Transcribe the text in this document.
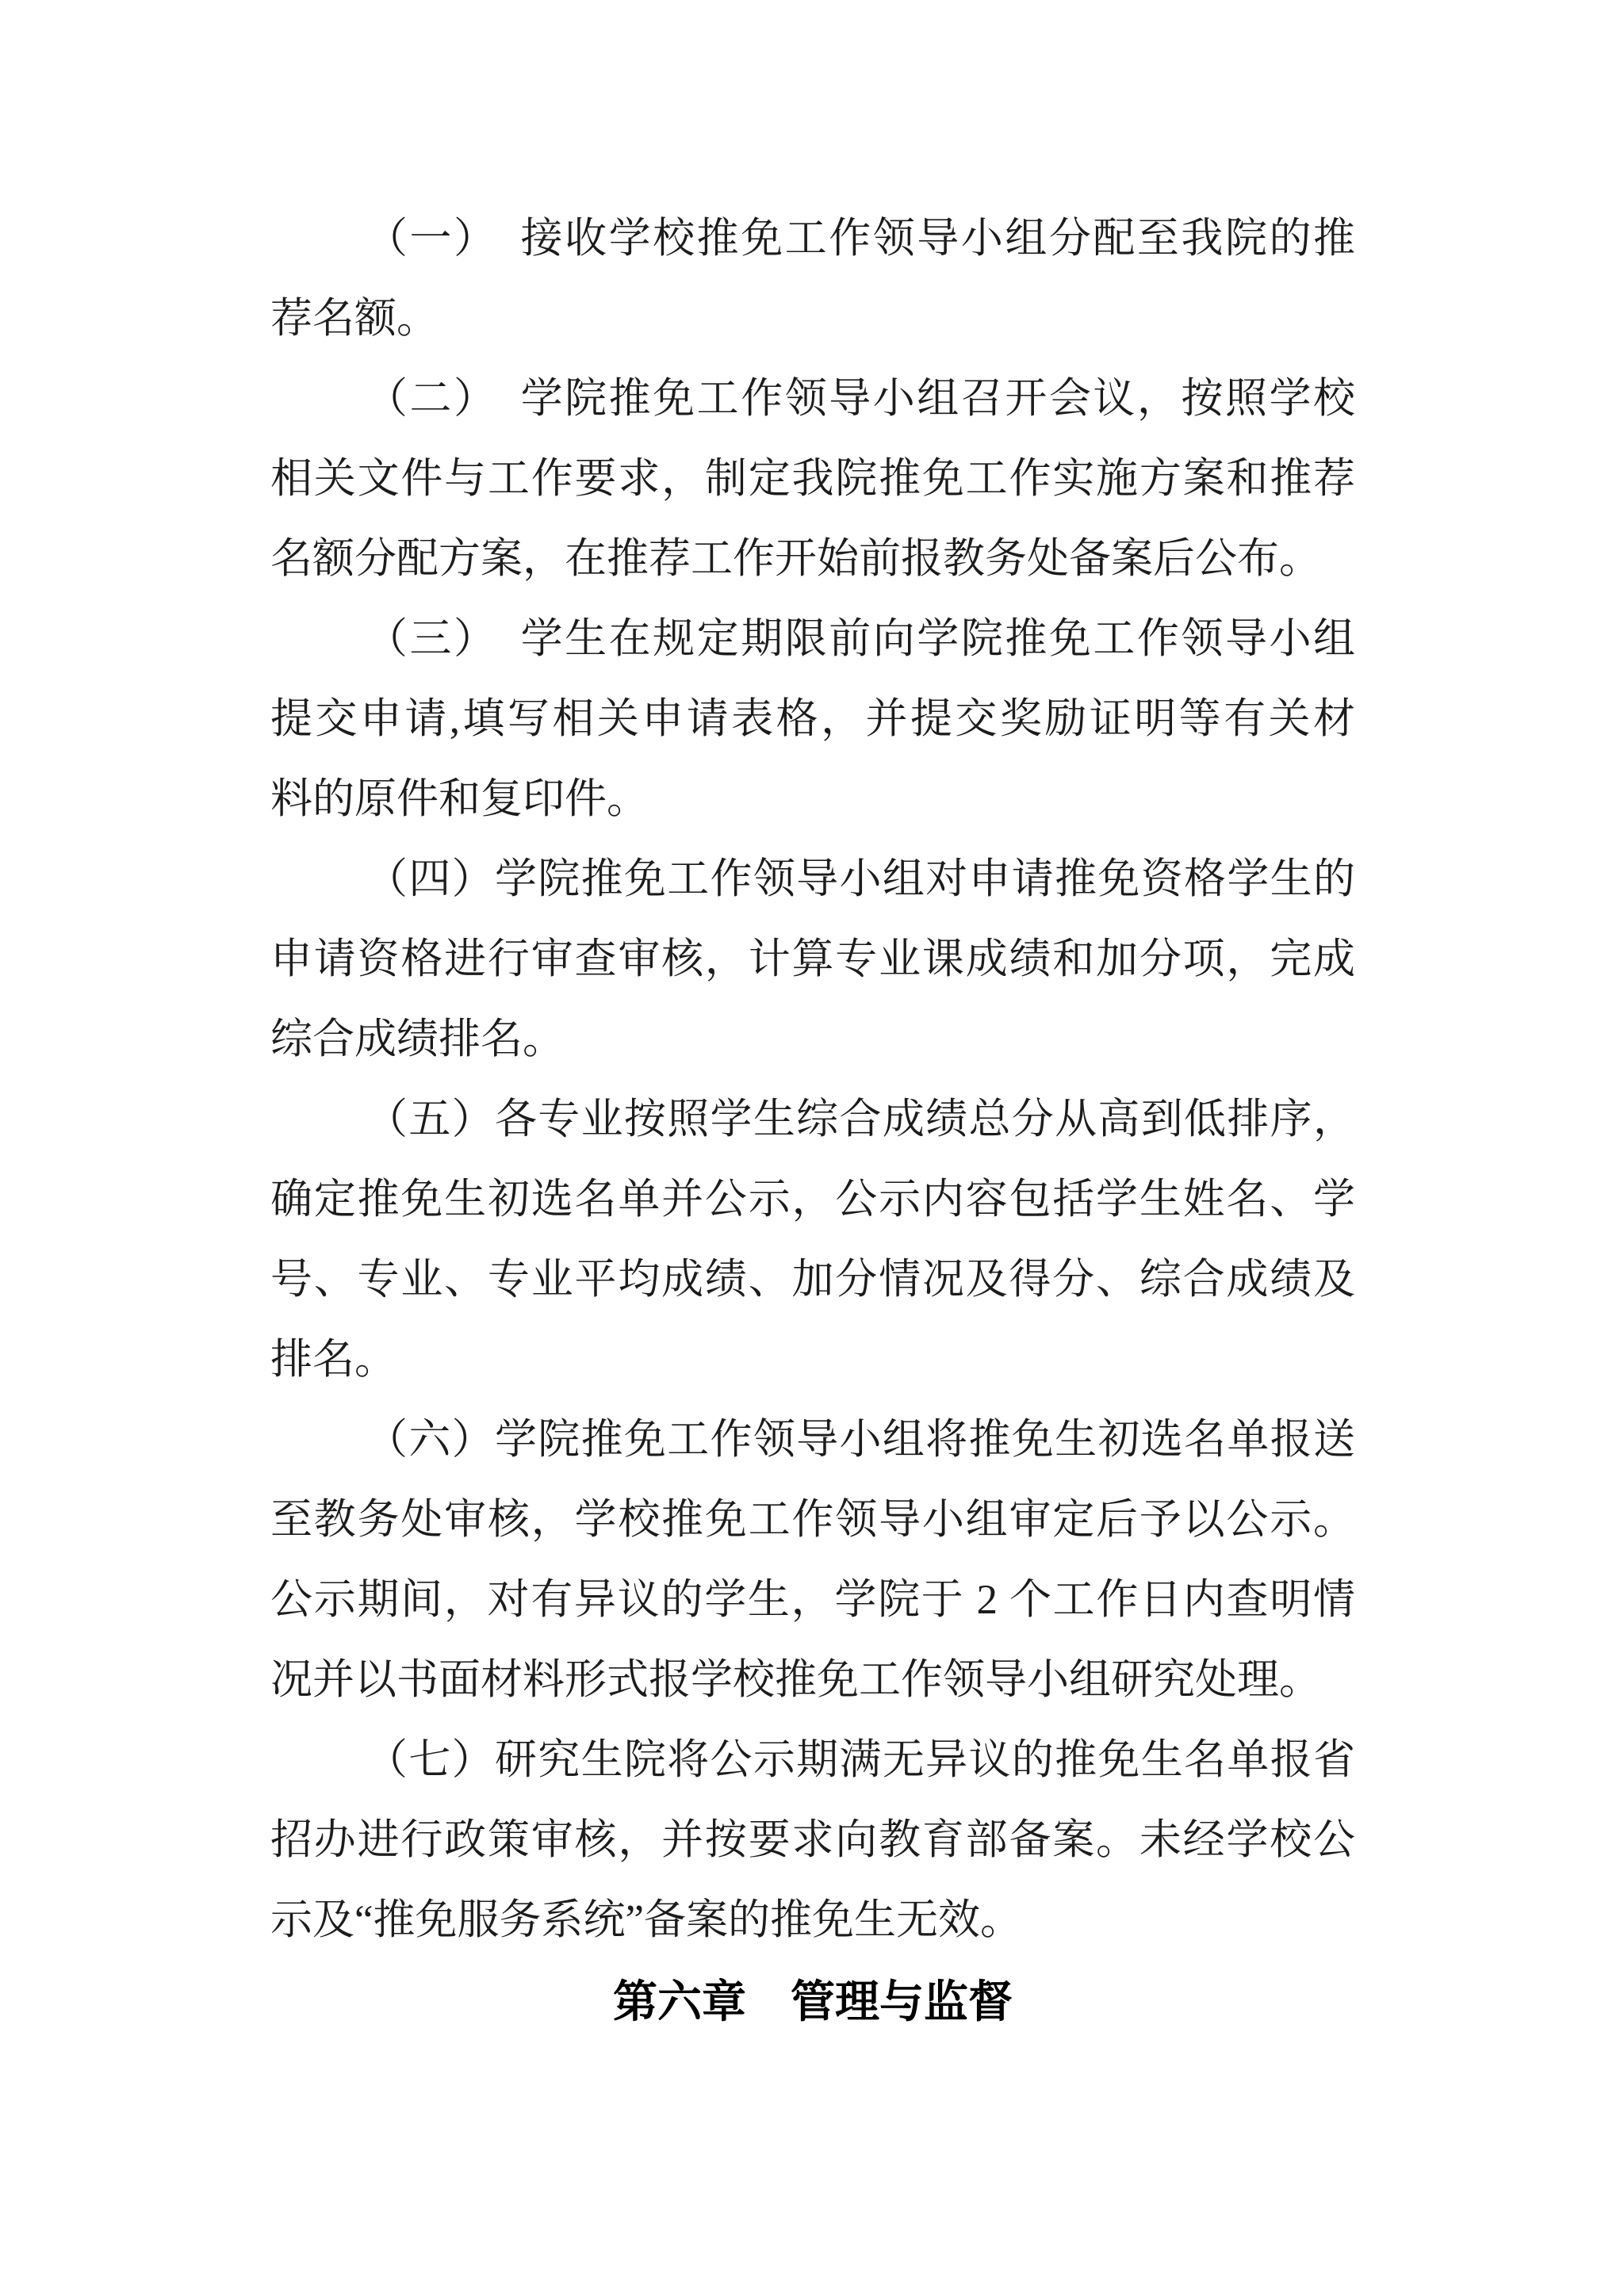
（一）　接收学校推免工作领导小组分配至我院的推
荐名额。
（二）　学院推免工作领导小组召开会议，按照学校
相关文件与工作要求，制定我院推免工作实施方案和推荐
名额分配方案，在推荐工作开始前报教务处备案后公布。
（三）　学生在规定期限前向学院推免工作领导小组
提交申请,填写相关申请表格，并提交奖励证明等有关材
料的原件和复印件。
（四）学院推免工作领导小组对申请推免资格学生的
申请资格进行审查审核，计算专业课成绩和加分项，完成
综合成绩排名。
（五）各专业按照学生综合成绩总分从高到低排序，
确定推免生初选名单并公示，公示内容包括学生姓名、学
号、专业、专业平均成绩、加分情况及得分、综合成绩及
排名。
（六）学院推免工作领导小组将推免生初选名单报送
至教务处审核，学校推免工作领导小组审定后予以公示。
公示期间，对有异议的学生，学院于 2 个工作日内查明情
况并以书面材料形式报学校推免工作领导小组研究处理。
（七）研究生院将公示期满无异议的推免生名单报省
招办进行政策审核，并按要求向教育部备案。未经学校公
示及“推免服务系统”备案的推免生无效。
第六章　管理与监督
